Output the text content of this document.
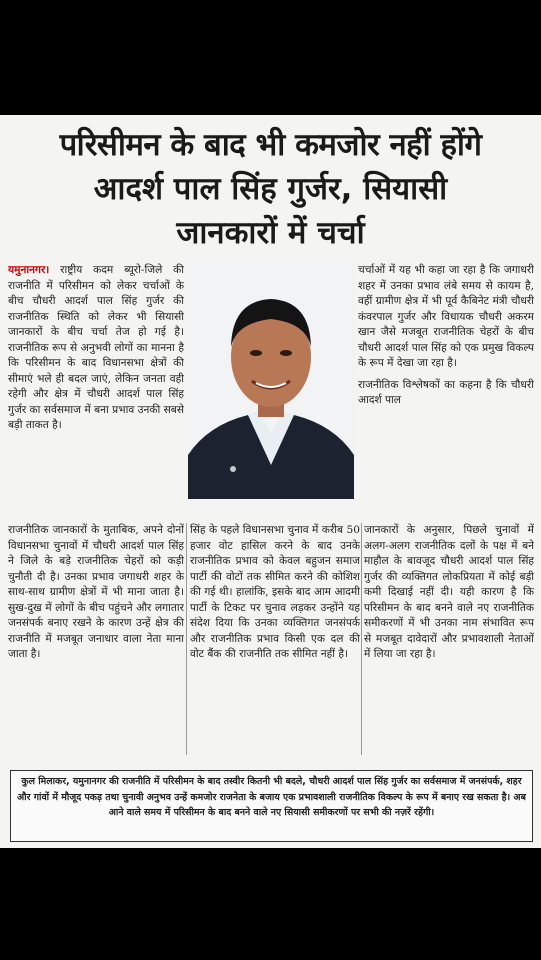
परिसीमन के बाद भी कमजोर नहीं होंगे
आदर्श पाल सिंह गुर्जर, सियासी
जानकारों में चर्चा
यमुनानगर। राष्ट्रीय कदम ब्यूरो-जिले की राजनीति में परिसीमन को लेकर चर्चाओं के बीच चौधरी आदर्श पाल सिंह गुर्जर की राजनीतिक स्थिति को लेकर भी सियासी जानकारों के बीच चर्चा तेज हो गई है। राजनीतिक रूप से अनुभवी लोगों का मानना है कि परिसीमन के बाद विधानसभा क्षेत्रों की सीमाएं भले ही बदल जाएं, लेकिन जनता वही रहेगी और क्षेत्र में चौधरी आदर्श पाल सिंह गुर्जर का सर्वसमाज में बना प्रभाव उनकी सबसे बड़ी ताकत है।
चर्चाओं में यह भी कहा जा रहा है कि जगाधरी शहर में उनका प्रभाव लंबे समय से कायम है, वहीं ग्रामीण क्षेत्र में भी पूर्व कैबिनेट मंत्री चौधरी कंवरपाल गुर्जर और विधायक चौधरी अकरम खान जैसे मजबूत राजनीतिक चेहरों के बीच चौधरी आदर्श पाल सिंह को एक प्रमुख विकल्प के रूप में देखा जा रहा है।
राजनीतिक विश्लेषकों का कहना है कि चौधरी आदर्श पाल
राजनीतिक जानकारों के मुताबिक, अपने दोनों विधानसभा चुनावों में चौधरी आदर्श पाल सिंह ने जिले के बड़े राजनीतिक चेहरों को कड़ी चुनौती दी है। उनका प्रभाव जगाधरी शहर के साथ-साथ ग्रामीण क्षेत्रों में भी माना जाता है। सुख-दुख में लोगों के बीच पहुंचने और लगातार जनसंपर्क बनाए रखने के कारण उन्हें क्षेत्र की राजनीति में मजबूत जनाधार वाला नेता माना जाता है।
सिंह के पहले विधानसभा चुनाव में करीब 50 हजार वोट हासिल करने के बाद उनके राजनीतिक प्रभाव को केवल बहुजन समाज पार्टी की वोटों तक सीमित करने की कोशिश की गई थी। हालांकि, इसके बाद आम आदमी पार्टी के टिकट पर चुनाव लड़कर उन्होंने यह संदेश दिया कि उनका व्यक्तिगत जनसंपर्क और राजनीतिक प्रभाव किसी एक दल की वोट बैंक की राजनीति तक सीमित नहीं है।
जानकारों के अनुसार, पिछले चुनावों में अलग-अलग राजनीतिक दलों के पक्ष में बने माहौल के बावजूद चौधरी आदर्श पाल सिंह गुर्जर की व्यक्तिगत लोकप्रियता में कोई बड़ी कमी दिखाई नहीं दी। यही कारण है कि परिसीमन के बाद बनने वाले नए राजनीतिक समीकरणों में भी उनका नाम संभावित रूप से मजबूत दावेदारों और प्रभावशाली नेताओं में लिया जा रहा है।
कुल मिलाकर, यमुनानगर की राजनीति में परिसीमन के बाद तस्वीर कितनी भी बदले, चौधरी आदर्श पाल सिंह गुर्जर का सर्वसमाज में जनसंपर्क, शहर और गांवों में मौजूद पकड़ तथा चुनावी अनुभव उन्हें कमजोर राजनेता के बजाय एक प्रभावशाली राजनीतिक विकल्प के रूप में बनाए रख सकता है। अब आने वाले समय में परिसीमन के बाद बनने वाले नए सियासी समीकरणों पर सभी की नज़रें रहेंगी।
